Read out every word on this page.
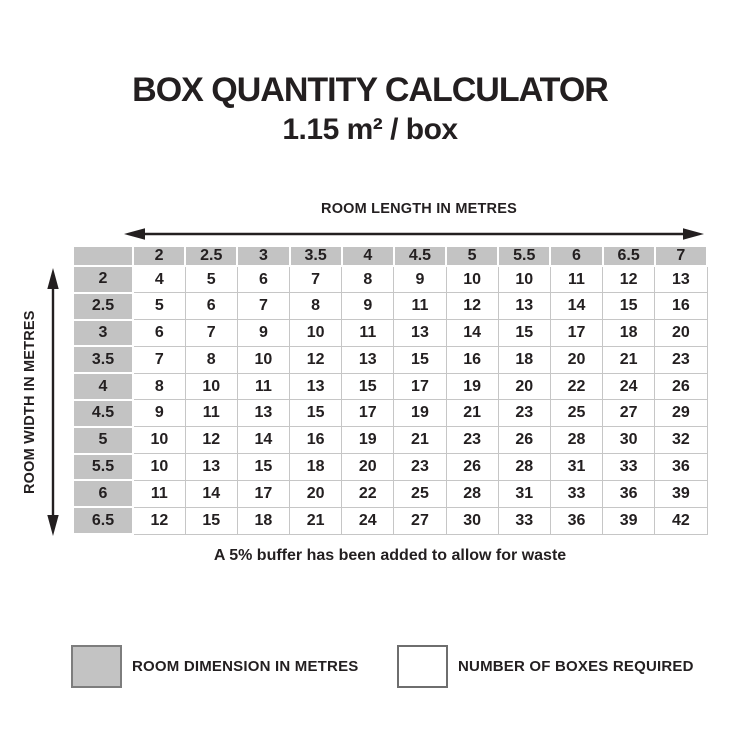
BOX QUANTITY CALCULATOR
1.15 m² / box
ROOM LENGTH IN METRES
ROOM WIDTH IN METRES
	2	2.5	3	3.5	4	4.5	5	5.5	6	6.5	7
2	4	5	6	7	8	9	10	10	11	12	13
2.5	5	6	7	8	9	11	12	13	14	15	16
3	6	7	9	10	11	13	14	15	17	18	20
3.5	7	8	10	12	13	15	16	18	20	21	23
4	8	10	11	13	15	17	19	20	22	24	26
4.5	9	11	13	15	17	19	21	23	25	27	29
5	10	12	14	16	19	21	23	26	28	30	32
5.5	10	13	15	18	20	23	26	28	31	33	36
6	11	14	17	20	22	25	28	31	33	36	39
6.5	12	15	18	21	24	27	30	33	36	39	42
A 5% buffer has been added to allow for waste
ROOM DIMENSION IN METRES	NUMBER OF BOXES REQUIRED
